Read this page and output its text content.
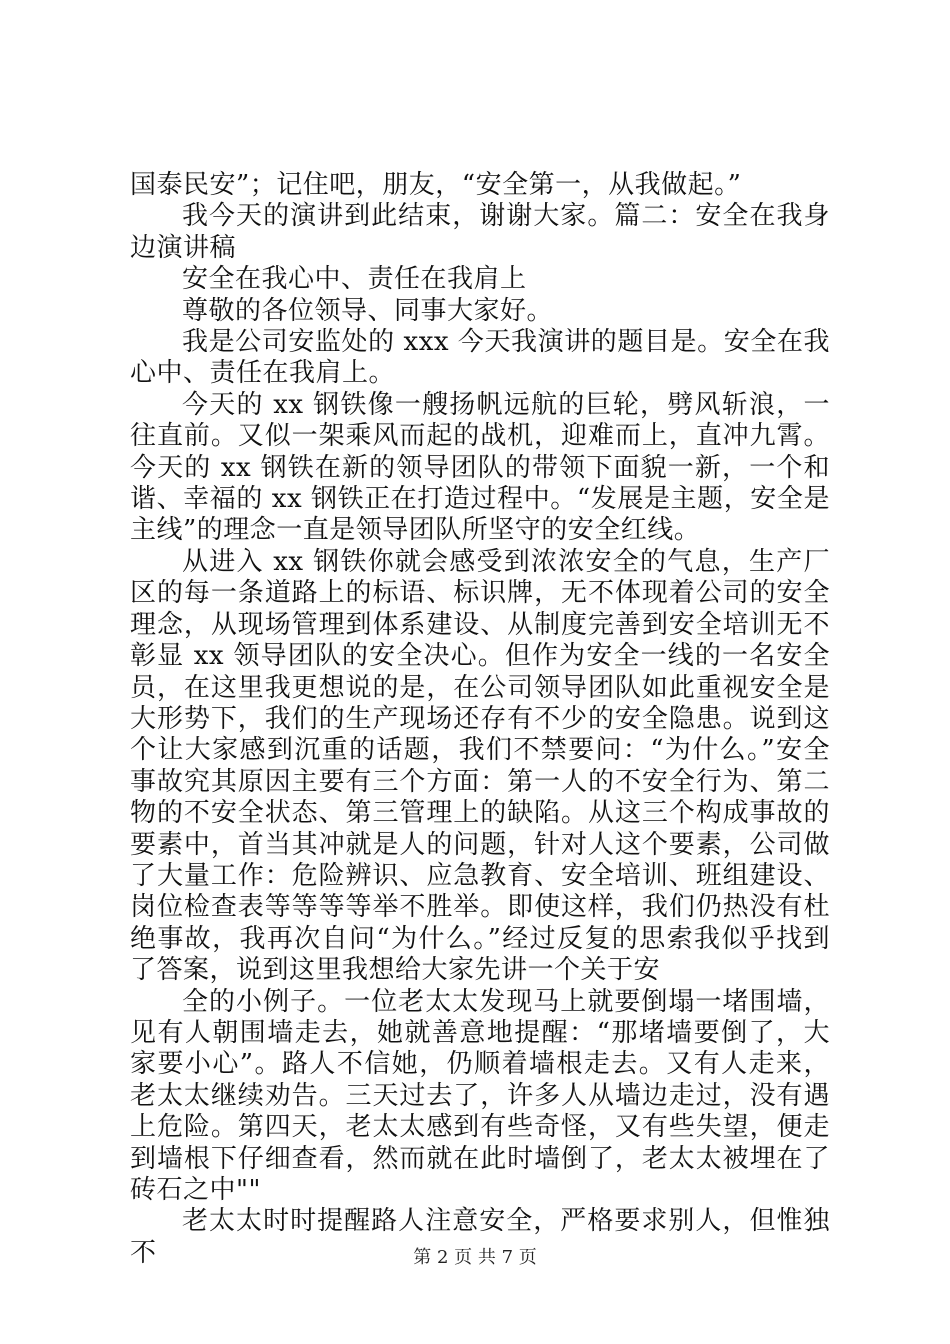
国泰民安”；记住吧，朋友，“安全第一，从我做起。”

我今天的演讲到此结束，谢谢大家。篇二：安全在我身边演讲稿

安全在我心中、责任在我肩上

尊敬的各位领导、同事大家好。

我是公司安监处的 xxx 今天我演讲的题目是。安全在我心中、责任在我肩上。

今天的 xx 钢铁像一艘扬帆远航的巨轮，劈风斩浪，一往直前。又似一架乘风而起的战机，迎难而上，直冲九霄。今天的 xx 钢铁在新的领导团队的带领下面貌一新，一个和谐、幸福的 xx 钢铁正在打造过程中。“发展是主题，安全是主线”的理念一直是领导团队所坚守的安全红线。

从进入 xx 钢铁你就会感受到浓浓安全的气息，生产厂区的每一条道路上的标语、标识牌，无不体现着公司的安全理念，从现场管理到体系建设、从制度完善到安全培训无不彰显 xx 领导团队的安全决心。但作为安全一线的一名安全员，在这里我更想说的是，在公司领导团队如此重视安全是大形势下，我们的生产现场还存有不少的安全隐患。说到这个让大家感到沉重的话题，我们不禁要问：“为什么。”安全事故究其原因主要有三个方面：第一人的不安全行为、第二物的不安全状态、第三管理上的缺陷。从这三个构成事故的要素中，首当其冲就是人的问题，针对人这个要素，公司做了大量工作：危险辨识、应急教育、安全培训、班组建设、岗位检查表等等等等举不胜举。即使这样，我们仍热没有杜绝事故，我再次自问“为什么。”经过反复的思索我似乎找到了答案，说到这里我想给大家先讲一个关于安

全的小例子。一位老太太发现马上就要倒塌一堵围墙，见有人朝围墙走去，她就善意地提醒：“那堵墙要倒了，大家要小心”。路人不信她，仍顺着墙根走去。又有人走来，老太太继续劝告。三天过去了，许多人从墙边走过，没有遇上危险。第四天，老太太感到有些奇怪，又有些失望，便走到墙根下仔细查看，然而就在此时墙倒了，老太太被埋在了砖石之中""

老太太时时提醒路人注意安全，严格要求别人，但惟独不	第 2 页 共 7 页
